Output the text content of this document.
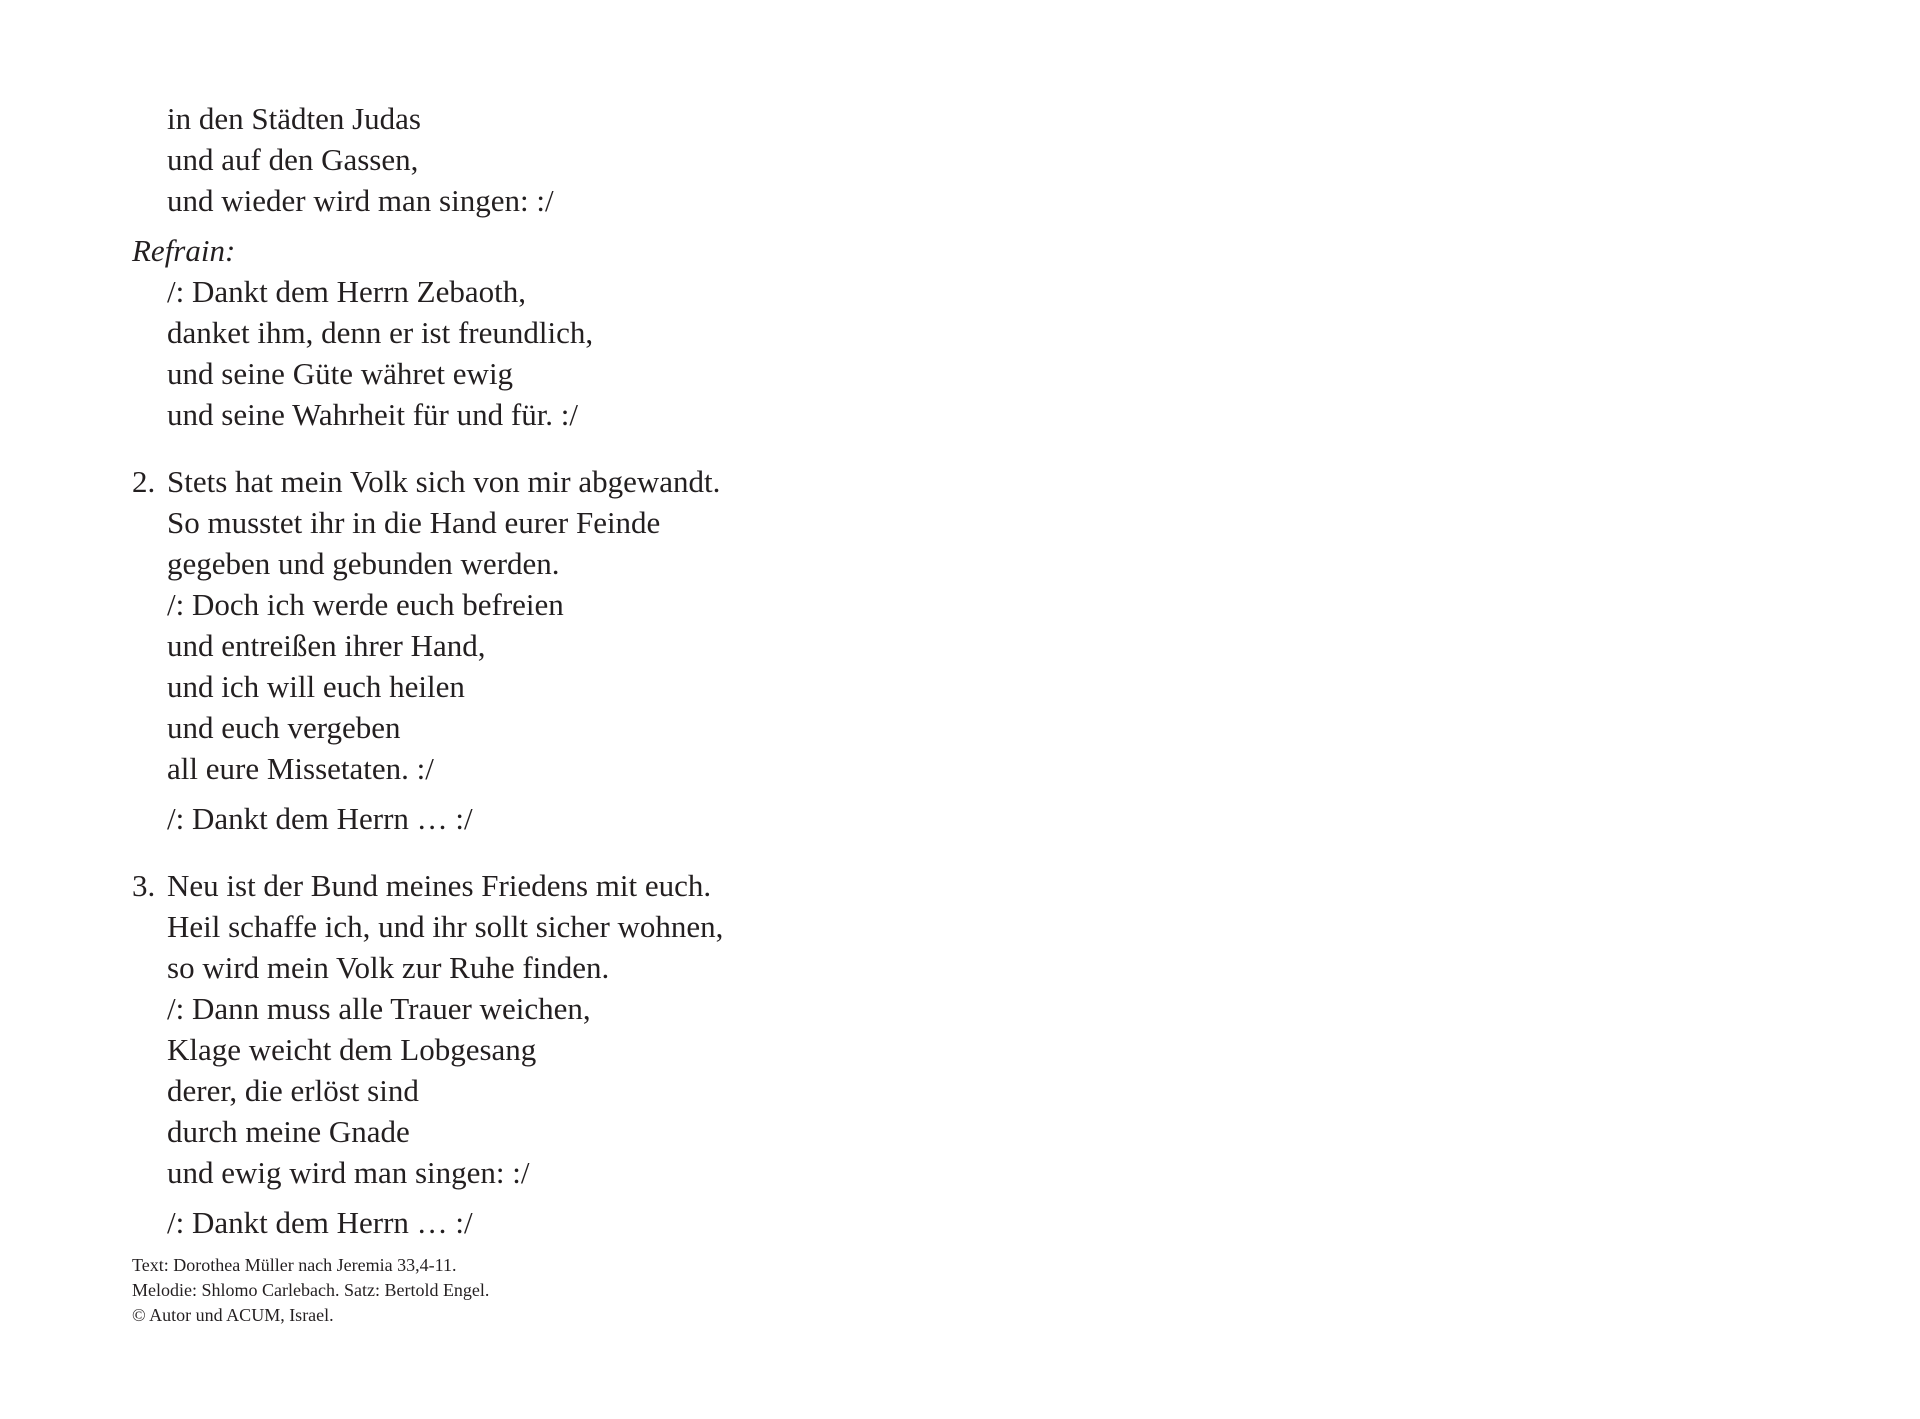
in den Städten Judas
und auf den Gassen,
und wieder wird man singen: :/
Refrain:
/: Dankt dem Herrn Zebaoth,
danket ihm, denn er ist freundlich,
und seine Güte währet ewig
und seine Wahrheit für und für. :/
2. Stets hat mein Volk sich von mir abgewandt.
So musstet ihr in die Hand eurer Feinde
gegeben und gebunden werden.
/: Doch ich werde euch befreien
und entreißen ihrer Hand,
und ich will euch heilen
und euch vergeben
all eure Missetaten. :/
/: Dankt dem Herrn … :/
3. Neu ist der Bund meines Friedens mit euch.
Heil schaffe ich, und ihr sollt sicher wohnen,
so wird mein Volk zur Ruhe finden.
/: Dann muss alle Trauer weichen,
Klage weicht dem Lobgesang
derer, die erlöst sind
durch meine Gnade
und ewig wird man singen: :/
/: Dankt dem Herrn … :/
Text: Dorothea Müller nach Jeremia 33,4-11.
Melodie: Shlomo Carlebach. Satz: Bertold Engel.
© Autor und ACUM, Israel.
